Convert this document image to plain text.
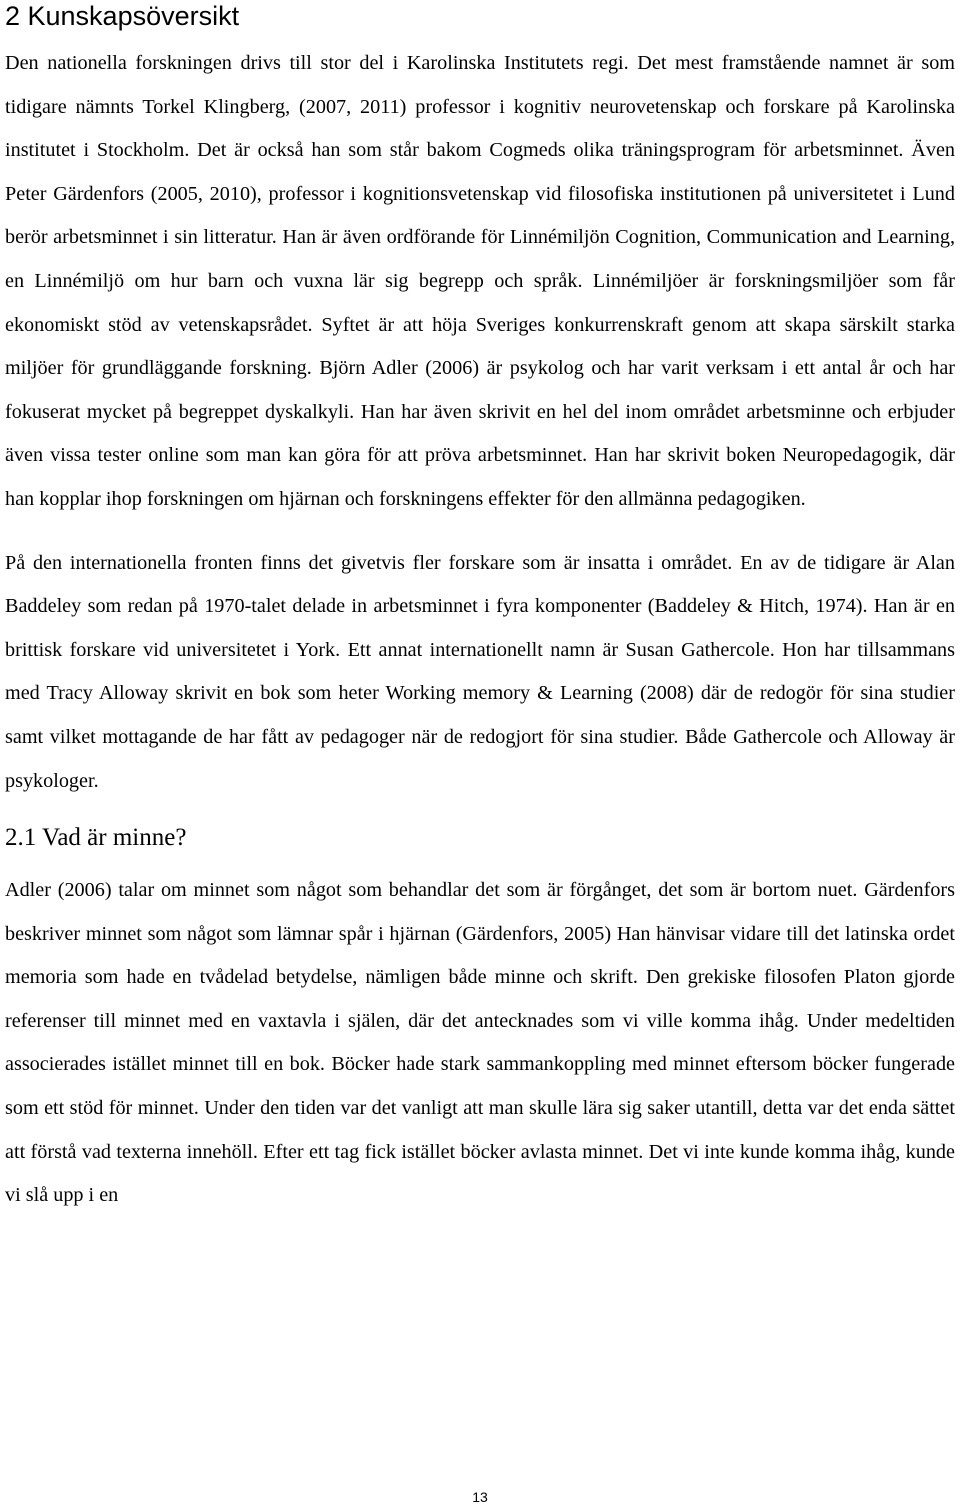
2 Kunskapsöversikt

Den nationella forskningen drivs till stor del i Karolinska Institutets regi. Det mest framstående namnet är som tidigare nämnts Torkel Klingberg, (2007, 2011) professor i kognitiv neurovetenskap och forskare på Karolinska institutet i Stockholm. Det är också han som står bakom Cogmeds olika träningsprogram för arbetsminnet. Även Peter Gärdenfors (2005, 2010), professor i kognitionsvetenskap vid filosofiska institutionen på universitetet i Lund berör arbetsminnet i sin litteratur. Han är även ordförande för Linnémiljön Cognition, Communication and Learning, en Linnémiljö om hur barn och vuxna lär sig begrepp och språk. Linnémiljöer är forskningsmiljöer som får ekonomiskt stöd av vetenskapsrådet. Syftet är att höja Sveriges konkurrenskraft genom att skapa särskilt starka miljöer för grundläggande forskning. Björn Adler (2006) är psykolog och har varit verksam i ett antal år och har fokuserat mycket på begreppet dyskalkyli. Han har även skrivit en hel del inom området arbetsminne och erbjuder även vissa tester online som man kan göra för att pröva arbetsminnet. Han har skrivit boken Neuropedagogik, där han kopplar ihop forskningen om hjärnan och forskningens effekter för den allmänna pedagogiken.

På den internationella fronten finns det givetvis fler forskare som är insatta i området. En av de tidigare är Alan Baddeley som redan på 1970-talet delade in arbetsminnet i fyra komponenter (Baddeley & Hitch, 1974). Han är en brittisk forskare vid universitetet i York. Ett annat internationellt namn är Susan Gathercole. Hon har tillsammans med Tracy Alloway skrivit en bok som heter Working memory & Learning (2008) där de redogör för sina studier samt vilket mottagande de har fått av pedagoger när de redogjort för sina studier. Både Gathercole och Alloway är psykologer.

2.1 Vad är minne?

Adler (2006) talar om minnet som något som behandlar det som är förgånget, det som är bortom nuet. Gärdenfors beskriver minnet som något som lämnar spår i hjärnan (Gärdenfors, 2005) Han hänvisar vidare till det latinska ordet memoria som hade en tvådelad betydelse, nämligen både minne och skrift. Den grekiske filosofen Platon gjorde referenser till minnet med en vaxtavla i själen, där det antecknades som vi ville komma ihåg. Under medeltiden associerades istället minnet till en bok. Böcker hade stark sammankoppling med minnet eftersom böcker fungerade som ett stöd för minnet. Under den tiden var det vanligt att man skulle lära sig saker utantill, detta var det enda sättet att förstå vad texterna innehöll. Efter ett tag fick istället böcker avlasta minnet. Det vi inte kunde komma ihåg, kunde vi slå upp i en

13
